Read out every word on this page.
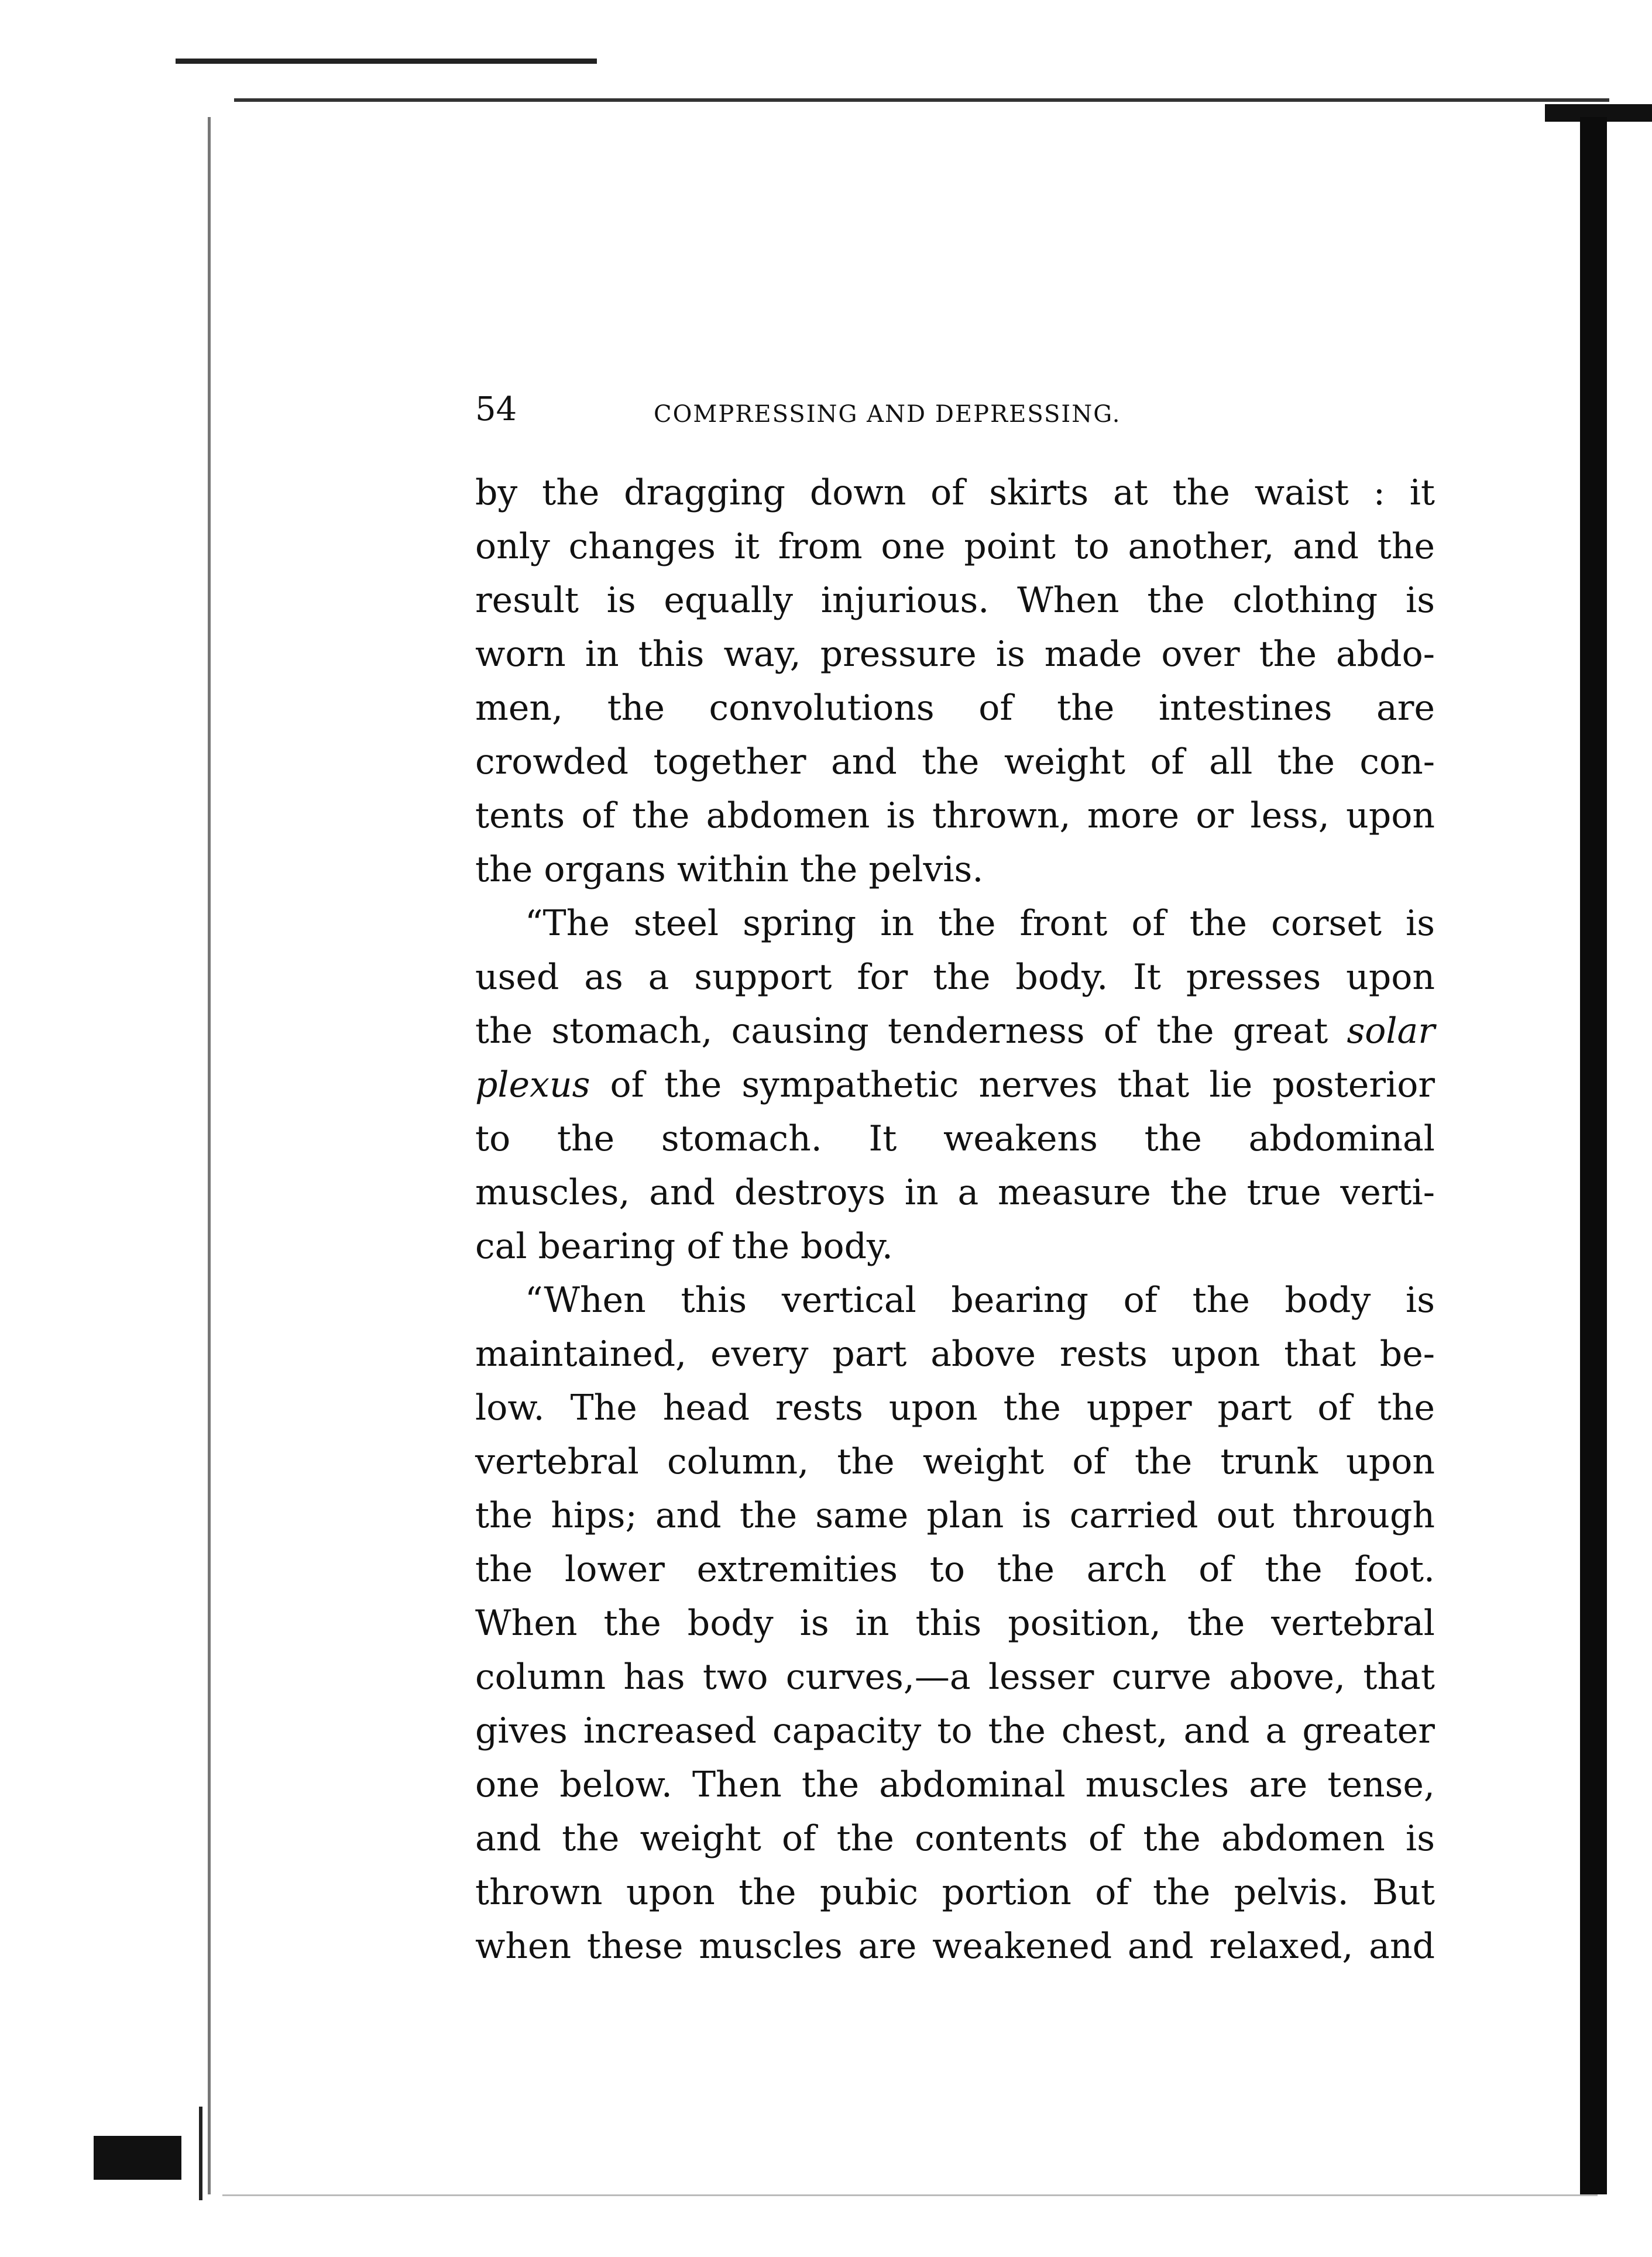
54	COMPRESSING AND DEPRESSING.
by the dragging down of skirts at the waist : it
only changes it from one point to another, and the
result is equally injurious. When the clothing is
worn in this way, pressure is made over the abdo-
men, the convolutions of the intestines are
crowded together and the weight of all the con-
tents of the abdomen is thrown, more or less, upon
the organs within the pelvis.
“The steel spring in the front of the corset is
used as a support for the body. It presses upon
the stomach, causing tenderness of the great solar
plexus of the sympathetic nerves that lie posterior
to the stomach. It weakens the abdominal
muscles, and destroys in a measure the true verti-
cal bearing of the body.
“When this vertical bearing of the body is
maintained, every part above rests upon that be-
low. The head rests upon the upper part of the
vertebral column, the weight of the trunk upon
the hips; and the same plan is carried out through
the lower extremities to the arch of the foot.
When the body is in this position, the vertebral
column has two curves,—a lesser curve above, that
gives increased capacity to the chest, and a greater
one below. Then the abdominal muscles are tense,
and the weight of the contents of the abdomen is
thrown upon the pubic portion of the pelvis. But
when these muscles are weakened and relaxed, and
